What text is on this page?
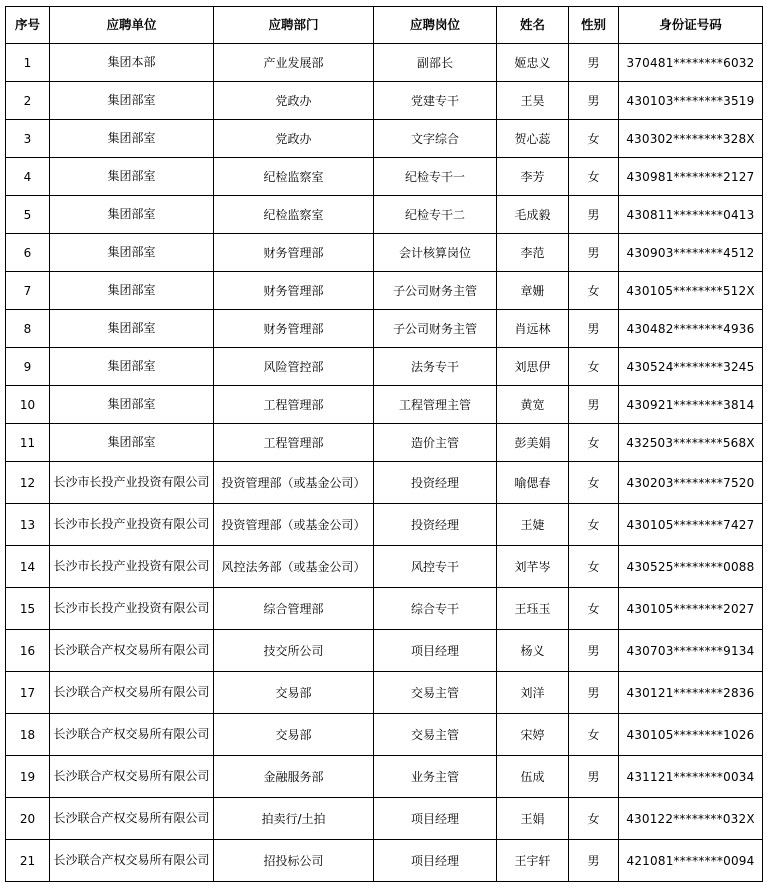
序号	应聘单位	应聘部门	应聘岗位	姓名	性别	身份证号码
1	集团本部	产业发展部	副部长	姬忠义	男	370481********6032
2	集团部室	党政办	党建专干	王昊	男	430103********3519
3	集团部室	党政办	文字综合	贺心蕊	女	430302********328X
4	集团部室	纪检监察室	纪检专干一	李芳	女	430981********2127
5	集团部室	纪检监察室	纪检专干二	毛成毅	男	430811********0413
6	集团部室	财务管理部	会计核算岗位	李范	男	430903********4512
7	集团部室	财务管理部	子公司财务主管	章姗	女	430105********512X
8	集团部室	财务管理部	子公司财务主管	肖远林	男	430482********4936
9	集团部室	风险管控部	法务专干	刘思伊	女	430524********3245
10	集团部室	工程管理部	工程管理主管	黄宽	男	430921********3814
11	集团部室	工程管理部	造价主管	彭美娟	女	432503********568X
12	长沙市长投产业投资有限公司	投资管理部（或基金公司）	投资经理	喻偲春	女	430203********7520
13	长沙市长投产业投资有限公司	投资管理部（或基金公司）	投资经理	王婕	女	430105********7427
14	长沙市长投产业投资有限公司	风控法务部（或基金公司）	风控专干	刘芊岑	女	430525********0088
15	长沙市长投产业投资有限公司	综合管理部	综合专干	王珏玉	女	430105********2027
16	长沙联合产权交易所有限公司	技交所公司	项目经理	杨义	男	430703********9134
17	长沙联合产权交易所有限公司	交易部	交易主管	刘洋	男	430121********2836
18	长沙联合产权交易所有限公司	交易部	交易主管	宋婷	女	430105********1026
19	长沙联合产权交易所有限公司	金融服务部	业务主管	伍成	男	431121********0034
20	长沙联合产权交易所有限公司	拍卖行/土拍	项目经理	王娟	女	430122********032X
21	长沙联合产权交易所有限公司	招投标公司	项目经理	王宇轩	男	421081********0094
